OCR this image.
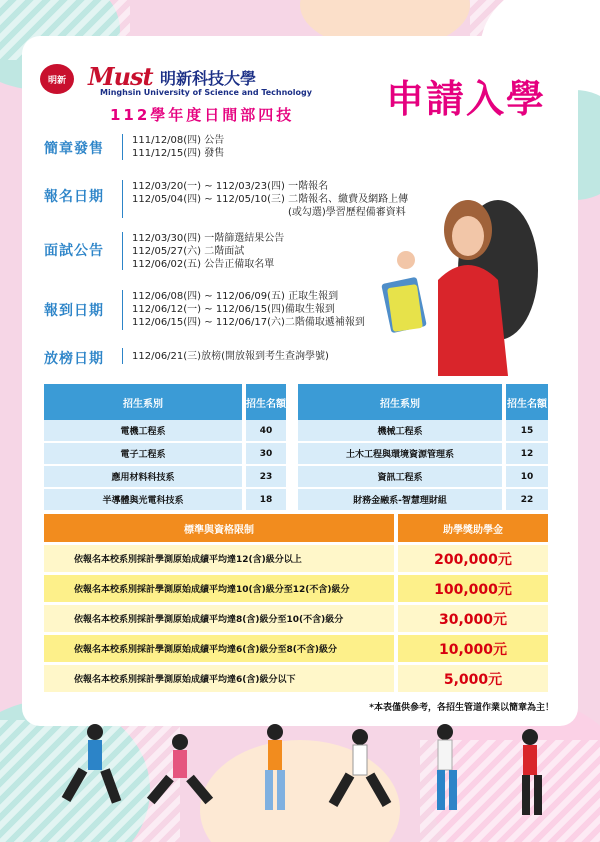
明新 Must 明新科技大學
Minghsin University of Science and Technology
112學年度日間部四技 申請入學
簡章發售
111/12/08(四) 公告
111/12/15(四) 發售
報名日期
112/03/20(一) ~ 112/03/23(四) 一階報名
112/05/04(四) ~ 112/05/10(三) 二階報名、繳費及網路上傳
(或勾選)學習歷程備審資料
面試公告
112/03/30(四) 一階篩選結果公告
112/05/27(六) 二階面試
112/06/02(五) 公告正備取名單
報到日期
112/06/08(四) ~ 112/06/09(五) 正取生報到
112/06/12(一) ~ 112/06/15(四)備取生報到
112/06/15(四) ~ 112/06/17(六)二階備取遞補報到
放榜日期	112/06/21(三)放榜(開放報到考生查詢學號)
招生系別	招生名額	招生系別	招生名額
電機工程系	40	機械工程系	15
電子工程系	30	土木工程與環境資源管理系	12
應用材料科技系	23	資訊工程系	10
半導體與光電科技系	18	財務金融系-智慧理財組	22
標準與資格限制	助學獎助學金
依報名本校系別採計學測原始成績平均達12(含)級分以上	200,000元
依報名本校系別採計學測原始成績平均達10(含)級分至12(不含)級分	100,000元
依報名本校系別採計學測原始成績平均達8(含)級分至10(不含)級分	30,000元
依報名本校系別採計學測原始成績平均達6(含)級分至8(不含)級分	10,000元
依報名本校系別採計學測原始成績平均達6(含)級分以下	5,000元
*本表僅供參考，各招生管道作業以簡章為主！
